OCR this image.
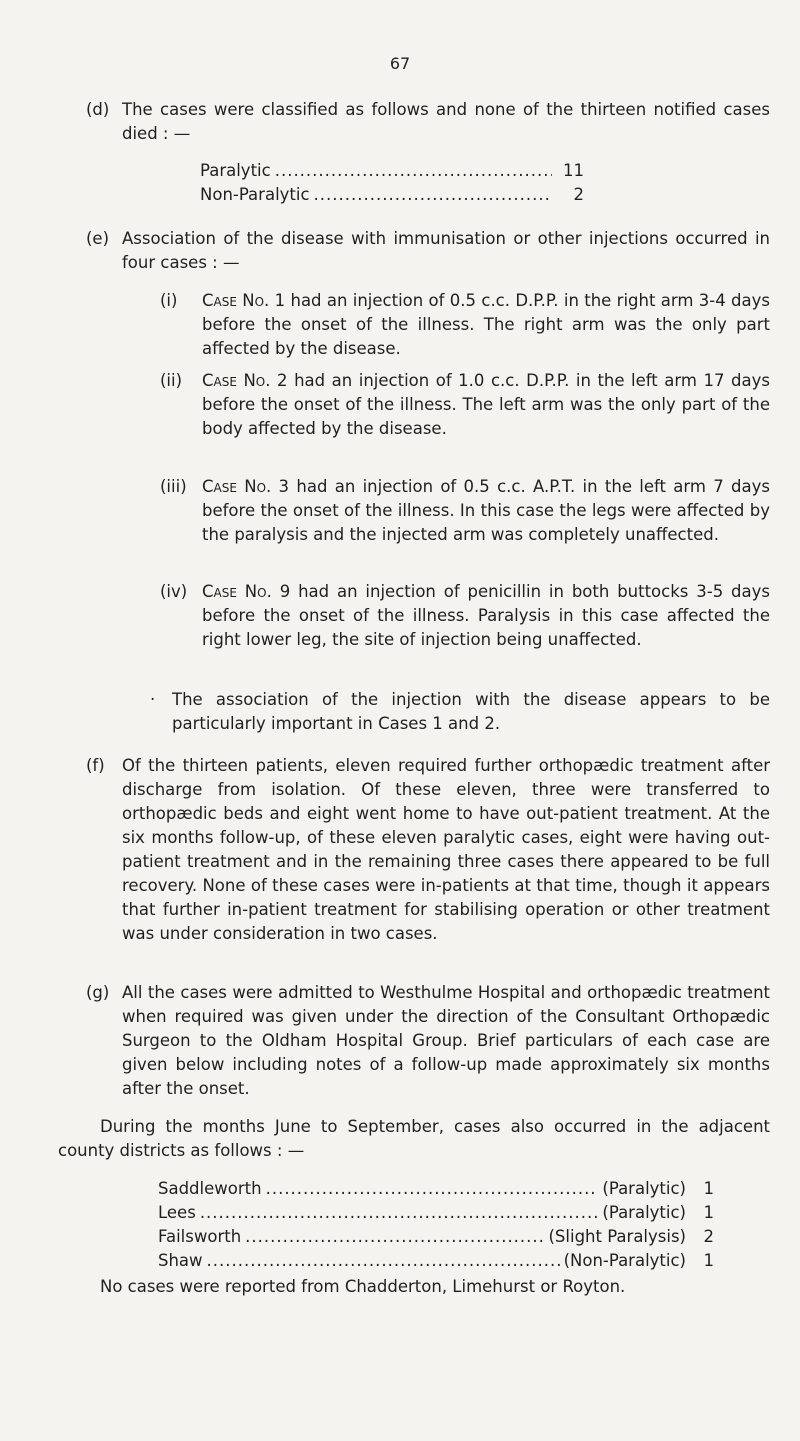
67
(d) The cases were classified as follows and none of the thirteen notified cases died : —

Paralytic .....	11
Non-Paralytic .....	2
(e) Association of the disease with immunisation or other injections occurred in four cases : —

(i) Case No. 1 had an injection of 0.5 c.c. D.P.P. in the right arm 3-4 days before the onset of the illness. The right arm was the only part affected by the disease.

(ii) Case No. 2 had an injection of 1.0 c.c. D.P.P. in the left arm 17 days before the onset of the illness. The left arm was the only part of the body affected by the disease.

(iii) Case No. 3 had an injection of 0.5 c.c. A.P.T. in the left arm 7 days before the onset of the illness. In this case the legs were affected by the paralysis and the injected arm was completely unaffected.

(iv) Case No. 9 had an injection of penicillin in both buttocks 3-5 days before the onset of the illness. Paralysis in this case affected the right lower leg, the site of injection being unaffected.

· The association of the injection with the disease appears to be particularly important in Cases 1 and 2.

(f) Of the thirteen patients, eleven required further orthopædic treatment after discharge from isolation. Of these eleven, three were transferred to orthopædic beds and eight went home to have out-patient treatment. At the six months follow-up, of these eleven paralytic cases, eight were having out-patient treatment and in the remaining three cases there appeared to be full recovery. None of these cases were in-patients at that time, though it appears that further in-patient treatment for stabilising operation or other treatment was under consideration in two cases.

(g) All the cases were admitted to Westhulme Hospital and orthopædic treatment when required was given under the direction of the Consultant Orthopædic Surgeon to the Oldham Hospital Group. Brief particulars of each case are given below including notes of a follow-up made approximately six months after the onset.

During the months June to September, cases also occurred in the adjacent county districts as follows : —

Saddleworth .....	(Paralytic)	1
Lees .....	(Paralytic)	1
Failsworth .....	(Slight Paralysis)	2
Shaw .....	(Non-Paralytic)	1

No cases were reported from Chadderton, Limehurst or Royton.
